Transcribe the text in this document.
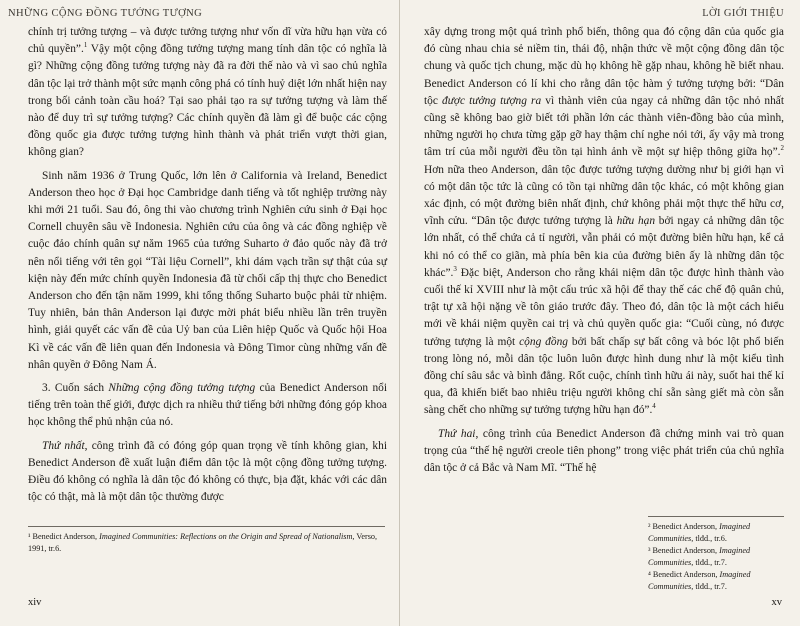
NHỮNG CỘNG ĐỒNG TƯỞNG TƯỢNG

chính trị tưởng tượng – và được tưởng tượng như vốn dĩ vừa hữu hạn vừa có chủ quyền”.$^1$ Vậy một cộng đồng tưởng tượng mang tính dân tộc có nghĩa là gì? Những cộng đồng tưởng tượng này đã ra đời thế nào và vì sao chủ nghĩa dân tộc lại trở thành một sức mạnh công phá có tính huỷ diệt lớn nhất hiện nay trong bối cảnh toàn cầu hoá? Tại sao phải tạo ra sự tưởng tượng và làm thế nào để duy trì sự tưởng tượng? Các chính quyền đã làm gì để buộc các cộng đồng quốc gia được tưởng tượng hình thành và phát triển vượt thời gian, không gian?

Sinh năm 1936 ở Trung Quốc, lớn lên ở California và Ireland, Benedict Anderson theo học ở Đại học Cambridge danh tiếng và tốt nghiệp trường này khi mới 21 tuổi. Sau đó, ông thi vào chương trình Nghiên cứu sinh ở Đại học Cornell chuyên sâu về Indonesia. Nghiên cứu của ông và các đồng nghiệp về cuộc đảo chính quân sự năm 1965 của tướng Suharto ở đảo quốc này đã trở nên nổi tiếng với tên gọi “Tài liệu Cornell”, khi dám vạch trần sự thật của sự kiện này đến mức chính quyền Indonesia đã từ chối cấp thị thực cho Benedict Anderson cho đến tận năm 1999, khi tổng thống Suharto buộc phải từ nhiệm. Tuy nhiên, bản thân Anderson lại được mời phát biểu nhiều lần trên truyền hình, giải quyết các vấn đề của Uỷ ban của Liên hiệp Quốc và Quốc hội Hoa Kì về các vấn đề liên quan đến Indonesia và Đông Timor cùng những vấn đề nhân quyền ở Đông Nam Á.

3. Cuốn sách Những cộng đồng tưởng tượng của Benedict Anderson nổi tiếng trên toàn thế giới, được dịch ra nhiều thứ tiếng bởi những đóng góp khoa học không thể phủ nhận của nó.

Thứ nhất, công trình đã có đóng góp quan trọng về tính không gian, khi Benedict Anderson đề xuất luận điểm dân tộc là một cộng đồng tưởng tượng. Điều đó không có nghĩa là dân tộc đó không có thực, bịa đặt, khác với các dân tộc có thật, mà là một dân tộc thường được

¹ Benedict Anderson, Imagined Communities: Reflections on the Origin and Spread of Nationalism, Verso, 1991, tr.6.

xiv
LỜI GIỚI THIỆU

xây dựng trong một quá trình phổ biến, thông qua đó cộng dân của quốc gia đó cùng nhau chia sẻ niềm tin, thái độ, nhận thức về một cộng đồng dân tộc chung và quốc tịch chung, mặc dù họ không hề gặp nhau, không hề biết nhau. Benedict Anderson có lí khi cho rằng dân tộc hàm ý tưởng tượng bởi: “Dân tộc được tưởng tượng ra vì thành viên của ngay cả những dân tộc nhỏ nhất cũng sẽ không bao giờ biết tới phần lớn các thành viên-đồng bào của mình, những người họ chưa từng gặp gỡ hay thậm chí nghe nói tới, ấy vậy mà trong tâm trí của mỗi người đều tồn tại hình ảnh về một sự hiệp thông giữa họ”.$^2$ Hơn nữa theo Anderson, dân tộc được tưởng tượng dường như bị giới hạn vì có một dân tộc tức là cũng có tồn tại những dân tộc khác, có một không gian xác định, có một đường biên nhất định, chứ không phải một thực thể hữu cơ, vĩnh cửu. “Dân tộc được tưởng tượng là hữu hạn bởi ngay cả những dân tộc lớn nhất, có thể chứa cả tỉ người, vẫn phải có một đường biên hữu hạn, kể cả khi nó có thể co giãn, mà phía bên kia của đường biên ấy là những dân tộc khác”.$^3$ Đặc biệt, Anderson cho rằng khái niệm dân tộc được hình thành vào cuối thế kỉ XVIII như là một cấu trúc xã hội để thay thế các chế độ quân chủ, trật tự xã hội nặng về tôn giáo trước đây. Theo đó, dân tộc là một cách hiểu mới về khái niệm quyền cai trị và chủ quyền quốc gia: “Cuối cùng, nó được tưởng tượng là một cộng đồng bởi bất chấp sự bất công và bóc lột phổ biến trong lòng nó, mỗi dân tộc luôn luôn được hình dung như là một kiểu tình đồng chí sâu sắc và bình đẳng. Rốt cuộc, chính tình hữu ái này, suốt hai thế kỉ qua, đã khiến biết bao nhiêu triệu người không chỉ sẵn sàng giết mà còn sẵn sàng chết cho những sự tưởng tượng hữu hạn đó”.$^4$

Thứ hai, công trình của Benedict Anderson đã chứng minh vai trò quan trọng của “thế hệ người creole tiên phong” trong việc phát triển của chủ nghĩa dân tộc ở cả Bắc và Nam Mĩ. “Thế hệ

² Benedict Anderson, Imagined Communities, tlđd., tr.6.

³ Benedict Anderson, Imagined Communities, tlđd., tr.7.

⁴ Benedict Anderson, Imagined Communities, tlđd., tr.7.

xv
